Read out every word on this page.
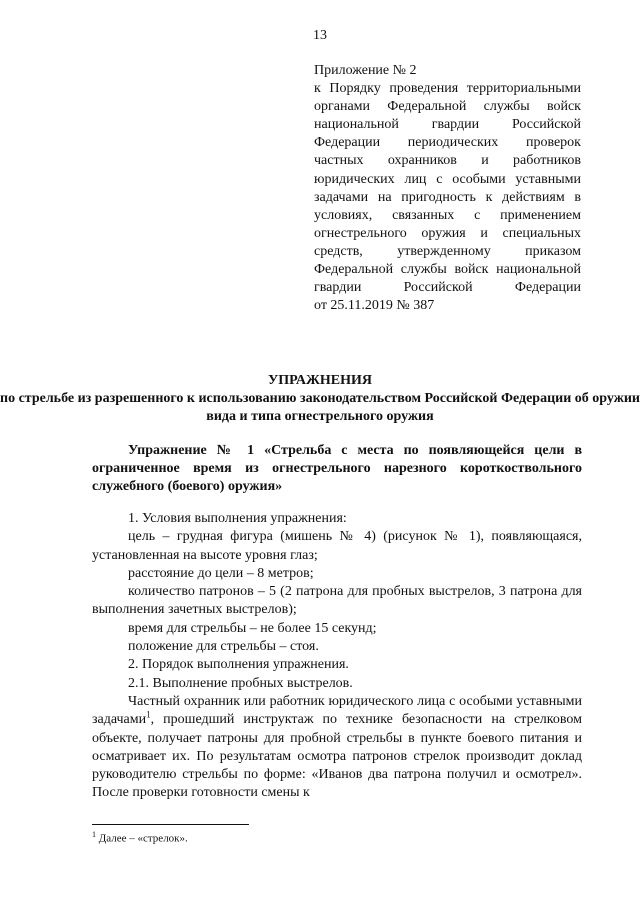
13
Приложение № 2
к Порядку проведения территориальными органами Федеральной службы войск национальной гвардии Российской Федерации периодических проверок частных охранников и работников юридических лиц с особыми уставными задачами на пригодность к действиям в условиях, связанных с применением огнестрельного оружия и специальных средств, утвержденному приказом Федеральной службы войск национальной гвардии Российской Федерации
от 25.11.2019 № 387
УПРАЖНЕНИЯ
по стрельбе из разрешенного к использованию законодательством Российской Федерации об оружии вида и типа огнестрельного оружия
Упражнение № 1 «Стрельба с места по появляющейся цели в ограниченное время из огнестрельного нарезного короткоствольного служебного (боевого) оружия»

1. Условия выполнения упражнения:

цель – грудная фигура (мишень № 4) (рисунок № 1), появляющаяся, установленная на высоте уровня глаз;

расстояние до цели – 8 метров;

количество патронов – 5 (2 патрона для пробных выстрелов, 3 патрона для выполнения зачетных выстрелов);

время для стрельбы – не более 15 секунд;

положение для стрельбы – стоя.

2. Порядок выполнения упражнения.

2.1. Выполнение пробных выстрелов.

Частный охранник или работник юридического лица с особыми уставными задачами$^1$, прошедший инструктаж по технике безопасности на стрелковом объекте, получает патроны для пробной стрельбы в пункте боевого питания и осматривает их. По результатам осмотра патронов стрелок производит доклад руководителю стрельбы по форме: «Иванов два патрона получил и осмотрел». После проверки готовности смены к

$^1$ Далее – «стрелок».
